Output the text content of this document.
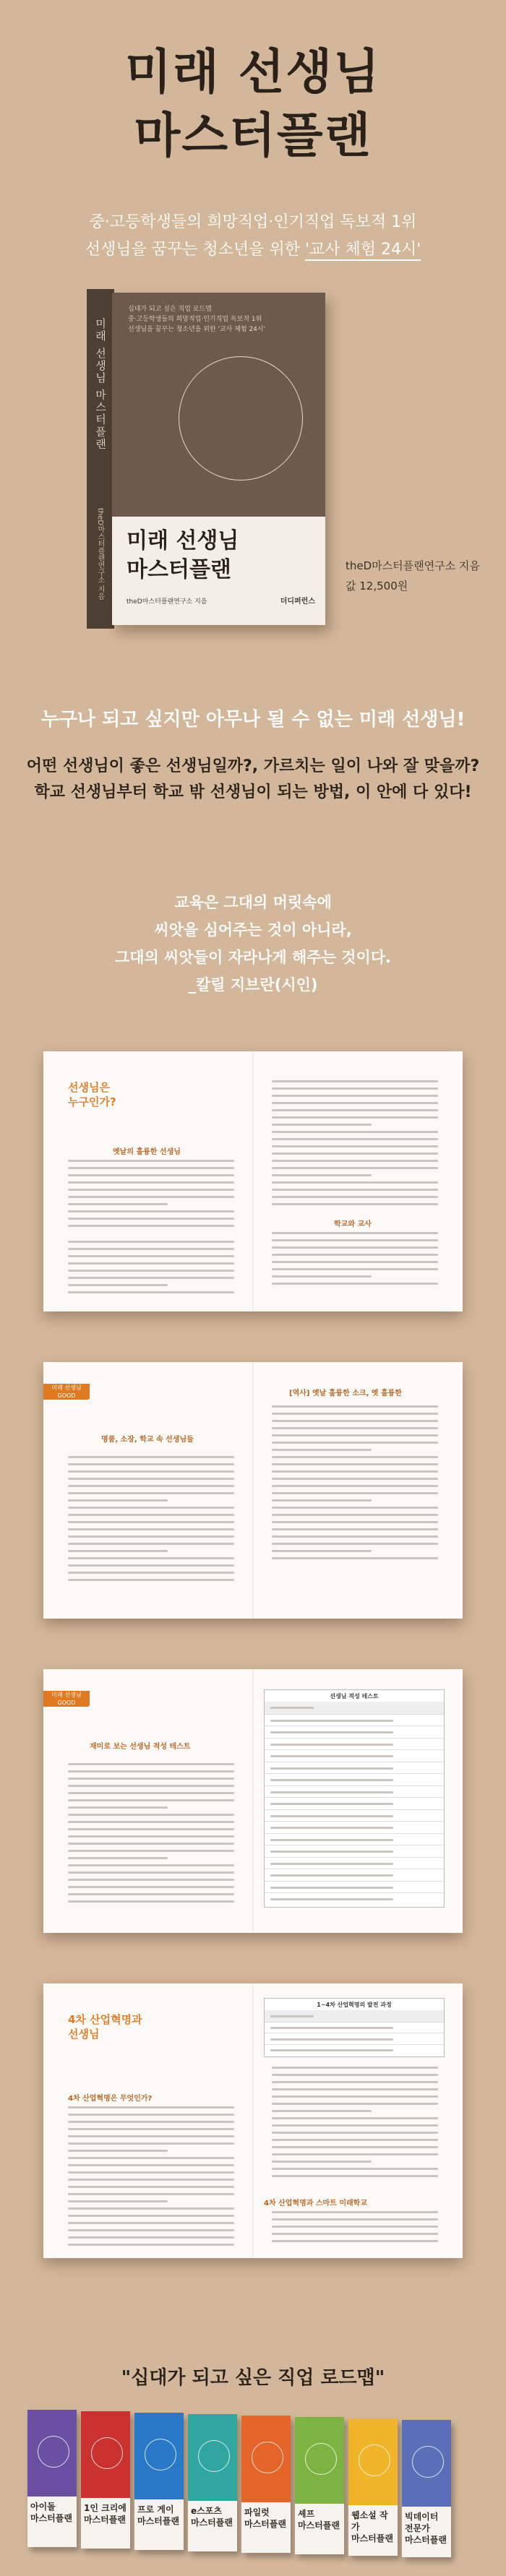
미래 선생님
마스터플랜
중·고등학생들의 희망직업·인기직업 독보적 1위
선생님을 꿈꾸는 청소년을 위한 '교사 체험 24시'
미래 선생님 마스터플랜
theD마스터플랜연구소 지음
십대가 되고 싶은 직업 로드맵
중·고등학생들의 희망직업·인기직업 독보적 1위
선생님을 꿈꾸는 청소년을 위한 '교사 체험 24시'
미래 선생님
마스터플랜
theD마스터플랜연구소 지음	더디퍼런스
theD마스터플랜연구소 지음
값 12,500원
누구나 되고 싶지만 아무나 될 수 없는 미래 선생님!
어떤 선생님이 좋은 선생님일까?, 가르치는 일이 나와 잘 맞을까?
학교 선생님부터 학교 밖 선생님이 되는 방법, 이 안에 다 있다!
교육은 그대의 머릿속에
씨앗을 심어주는 것이 아니라,
그대의 씨앗들이 자라나게 해주는 것이다.
_칼릴 지브란(시인)
선생님은
누구인가?
옛날의 훌륭한 선생님
학교와 교사
미래 선생님
GOOD
명품, 소장, 학교 속 선생님들
[역사] 옛날 훌륭한 소크, 옛 훌륭한
미래 선생님
GOOD
재미로 보는 선생님 적성 테스트
선생님 적성 테스트
4차 산업혁명과
선생님
4차 산업혁명은 무엇인가?
1~4차 산업혁명의 발전 과정
4차 산업혁명과 스마트 미래학교
"십대가 되고 싶은 직업 로드맵"
아이돌
마스터플랜
1인 크리에
마스터플랜
프로 게이
마스터플랜
e스포츠
마스터플랜
파일럿
마스터플랜
셰프
마스터플랜
웹소설 작가
마스터플랜
빅데이터 전문가
마스터플랜
